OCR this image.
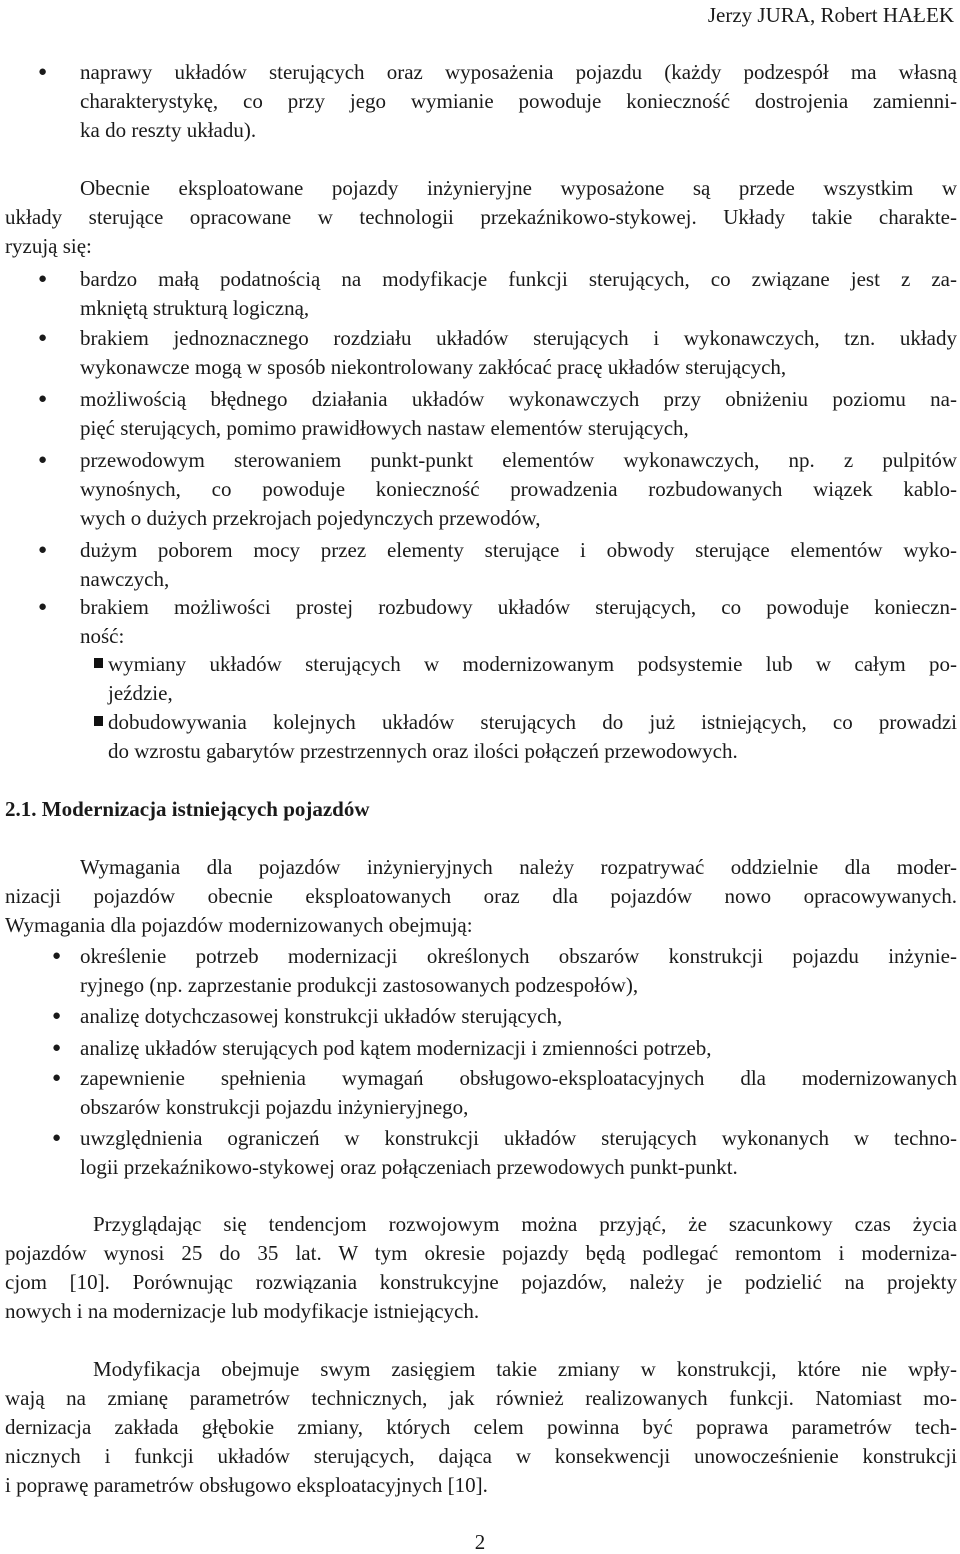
Jerzy JURA, Robert HAŁEK
● naprawy układów sterujących oraz wyposażenia pojazdu (każdy podzespół ma własną
charakterystykę, co przy jego wymianie powoduje konieczność dostrojenia zamienni-
ka do reszty układu).
Obecnie eksploatowane pojazdy inżynieryjne wyposażone są przede wszystkim w
układy sterujące opracowane w technologii przekaźnikowo-stykowej. Układy takie charakte-
ryzują się:
● bardzo małą podatnością na modyfikacje funkcji sterujących, co związane jest z za-
mkniętą strukturą logiczną,
● brakiem jednoznacznego rozdziału układów sterujących i wykonawczych, tzn. układy
wykonawcze mogą w sposób niekontrolowany zakłócać pracę układów sterujących,
● możliwością błędnego działania układów wykonawczych przy obniżeniu poziomu na-
pięć sterujących, pomimo prawidłowych nastaw elementów sterujących,
● przewodowym sterowaniem punkt-punkt elementów wykonawczych, np. z pulpitów
wynośnych, co powoduje konieczność prowadzenia rozbudowanych wiązek kablo-
wych o dużych przekrojach pojedynczych przewodów,
● dużym poborem mocy przez elementy sterujące i obwody sterujące elementów wyko-
nawczych,
● brakiem możliwości prostej rozbudowy układów sterujących, co powoduje konieczn-
ność:
wymiany układów sterujących w modernizowanym podsystemie lub w całym po-
jeździe,
dobudowywania kolejnych układów sterujących do już istniejących, co prowadzi
do wzrostu gabarytów przestrzennych oraz ilości połączeń przewodowych.
Wymagania dla pojazdów inżynieryjnych należy rozpatrywać oddzielnie dla moder-
nizacji pojazdów obecnie eksploatowanych oraz dla pojazdów nowo opracowywanych.
Wymagania dla pojazdów modernizowanych obejmują:
● określenie potrzeb modernizacji określonych obszarów konstrukcji pojazdu inżynie-
ryjnego (np. zaprzestanie produkcji zastosowanych podzespołów),
● analizę dotychczasowej konstrukcji układów sterujących,
● analizę układów sterujących pod kątem modernizacji i zmienności potrzeb,
● zapewnienie spełnienia wymagań obsługowo-eksploatacyjnych dla modernizowanych
obszarów konstrukcji pojazdu inżynieryjnego,
● uwzględnienia ograniczeń w konstrukcji układów sterujących wykonanych w techno-
logii przekaźnikowo-stykowej oraz połączeniach przewodowych punkt-punkt.
Przyglądając się tendencjom rozwojowym można przyjąć, że szacunkowy czas życia
pojazdów wynosi 25 do 35 lat. W tym okresie pojazdy będą podlegać remontom i moderniza-
cjom [10]. Porównując rozwiązania konstrukcyjne pojazdów, należy je podzielić na projekty
nowych i na modernizacje lub modyfikacje istniejących.
Modyfikacja obejmuje swym zasięgiem takie zmiany w konstrukcji, które nie wpły-
wają na zmianę parametrów technicznych, jak również realizowanych funkcji. Natomiast mo-
dernizacja zakłada głębokie zmiany, których celem powinna być poprawa parametrów tech-
nicznych i funkcji układów sterujących, dająca w konsekwencji unowocześnienie konstrukcji
i poprawę parametrów obsługowo eksploatacyjnych [10].
2.1. Modernizacja istniejących pojazdów
2
